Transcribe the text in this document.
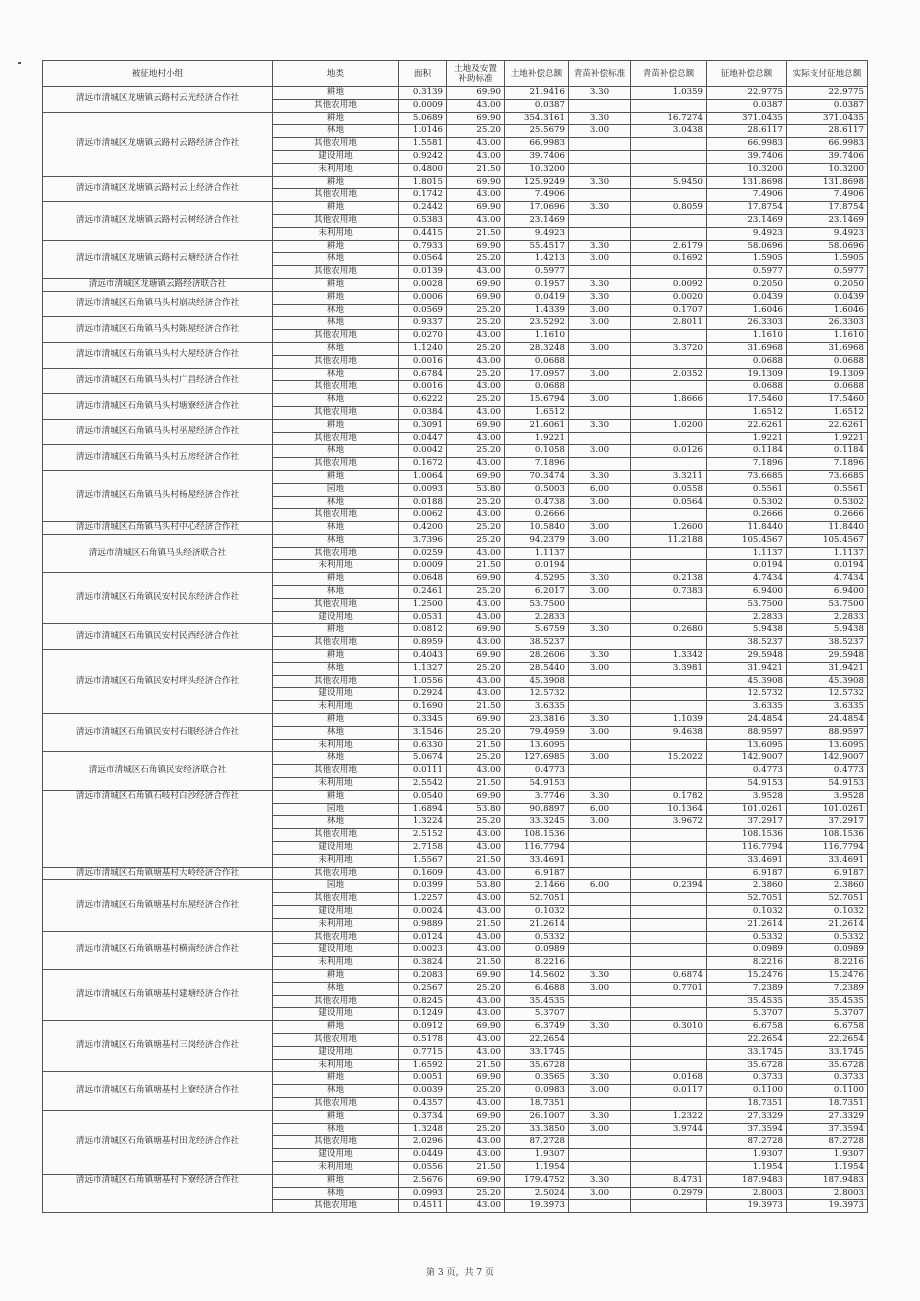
被征地村小组	地类	面积	土地及安置补助标准	土地补偿总额	青苗补偿标准	青苗补偿总额	征地补偿总额	实际支付征地总额
清远市清城区龙塘镇云路村云光经济合作社	耕地	0.3139	69.90	21.9416	3.30	1.0359	22.9775	22.9775
	其他农用地	0.0009	43.00	0.0387			0.0387	0.0387
清远市清城区龙塘镇云路村云路经济合作社	耕地	5.0689	69.90	354.3161	3.30	16.7274	371.0435	371.0435
	林地	1.0146	25.20	25.5679	3.00	3.0438	28.6117	28.6117
	其他农用地	1.5581	43.00	66.9983			66.9983	66.9983
	建设用地	0.9242	43.00	39.7406			39.7406	39.7406
	未利用地	0.4800	21.50	10.3200			10.3200	10.3200
清远市清城区龙塘镇云路村云上经济合作社	耕地	1.8015	69.90	125.9249	3.30	5.9450	131.8698	131.8698
	其他农用地	0.1742	43.00	7.4906			7.4906	7.4906
清远市清城区龙塘镇云路村云树经济合作社	耕地	0.2442	69.90	17.0696	3.30	0.8059	17.8754	17.8754
	其他农用地	0.5383	43.00	23.1469			23.1469	23.1469
	未利用地	0.4415	21.50	9.4923			9.4923	9.4923
清远市清城区龙塘镇云路村云塘经济合作社	耕地	0.7933	69.90	55.4517	3.30	2.6179	58.0696	58.0696
	林地	0.0564	25.20	1.4213	3.00	0.1692	1.5905	1.5905
	其他农用地	0.0139	43.00	0.5977			0.5977	0.5977
清远市清城区龙塘镇云路经济联合社	耕地	0.0028	69.90	0.1957	3.30	0.0092	0.2050	0.2050
清远市清城区石角镇马头村崩决经济合作社	耕地	0.0006	69.90	0.0419	3.30	0.0020	0.0439	0.0439
	林地	0.0569	25.20	1.4339	3.00	0.1707	1.6046	1.6046
清远市清城区石角镇马头村陈屋经济合作社	林地	0.9337	25.20	23.5292	3.00	2.8011	26.3303	26.3303
	其他农用地	0.0270	43.00	1.1610			1.1610	1.1610
清远市清城区石角镇马头村大屋经济合作社	林地	1.1240	25.20	28.3248	3.00	3.3720	31.6968	31.6968
	其他农用地	0.0016	43.00	0.0688			0.0688	0.0688
清远市清城区石角镇马头村广昌经济合作社	林地	0.6784	25.20	17.0957	3.00	2.0352	19.1309	19.1309
	其他农用地	0.0016	43.00	0.0688			0.0688	0.0688
清远市清城区石角镇马头村塘寮经济合作社	林地	0.6222	25.20	15.6794	3.00	1.8666	17.5460	17.5460
	其他农用地	0.0384	43.00	1.6512			1.6512	1.6512
清远市清城区石角镇马头村巫屋经济合作社	耕地	0.3091	69.90	21.6061	3.30	1.0200	22.6261	22.6261
	其他农用地	0.0447	43.00	1.9221			1.9221	1.9221
清远市清城区石角镇马头村五房经济合作社	林地	0.0042	25.20	0.1058	3.00	0.0126	0.1184	0.1184
	其他农用地	0.1672	43.00	7.1896			7.1896	7.1896
清远市清城区石角镇马头村杨屋经济合作社	耕地	1.0064	69.90	70.3474	3.30	3.3211	73.6685	73.6685
	园地	0.0093	53.80	0.5003	6.00	0.0558	0.5561	0.5561
	林地	0.0188	25.20	0.4738	3.00	0.0564	0.5302	0.5302
	其他农用地	0.0062	43.00	0.2666			0.2666	0.2666
清远市清城区石角镇马头村中心经济合作社	林地	0.4200	25.20	10.5840	3.00	1.2600	11.8440	11.8440
清远市清城区石角镇马头经济联合社	林地	3.7396	25.20	94.2379	3.00	11.2188	105.4567	105.4567
	其他农用地	0.0259	43.00	1.1137			1.1137	1.1137
	未利用地	0.0009	21.50	0.0194			0.0194	0.0194
清远市清城区石角镇民安村民东经济合作社	耕地	0.0648	69.90	4.5295	3.30	0.2138	4.7434	4.7434
	林地	0.2461	25.20	6.2017	3.00	0.7383	6.9400	6.9400
	其他农用地	1.2500	43.00	53.7500			53.7500	53.7500
	建设用地	0.0531	43.00	2.2833			2.2833	2.2833
清远市清城区石角镇民安村民西经济合作社	耕地	0.0812	69.90	5.6759	3.30	0.2680	5.9438	5.9438
	其他农用地	0.8959	43.00	38.5237			38.5237	38.5237
清远市清城区石角镇民安村坪头经济合作社	耕地	0.4043	69.90	28.2606	3.30	1.3342	29.5948	29.5948
	林地	1.1327	25.20	28.5440	3.00	3.3981	31.9421	31.9421
	其他农用地	1.0556	43.00	45.3908			45.3908	45.3908
	建设用地	0.2924	43.00	12.5732			12.5732	12.5732
	未利用地	0.1690	21.50	3.6335			3.6335	3.6335
清远市清城区石角镇民安村石眼经济合作社	耕地	0.3345	69.90	23.3816	3.30	1.1039	24.4854	24.4854
	林地	3.1546	25.20	79.4959	3.00	9.4638	88.9597	88.9597
	未利用地	0.6330	21.50	13.6095			13.6095	13.6095
清远市清城区石角镇民安经济联合社	林地	5.0674	25.20	127.6985	3.00	15.2022	142.9007	142.9007
	其他农用地	0.0111	43.00	0.4773			0.4773	0.4773
	未利用地	2.5542	21.50	54.9153			54.9153	54.9153
清远市清城区石角镇石岐村白沙经济合作社	耕地	0.0540	69.90	3.7746	3.30	0.1782	3.9528	3.9528
	园地	1.6894	53.80	90.8897	6.00	10.1364	101.0261	101.0261
	林地	1.3224	25.20	33.3245	3.00	3.9672	37.2917	37.2917
	其他农用地	2.5152	43.00	108.1536			108.1536	108.1536
	建设用地	2.7158	43.00	116.7794			116.7794	116.7794
	未利用地	1.5567	21.50	33.4691			33.4691	33.4691
清远市清城区石角镇塘基村大岭经济合作社	其他农用地	0.1609	43.00	6.9187			6.9187	6.9187
清远市清城区石角镇塘基村东屋经济合作社	园地	0.0399	53.80	2.1466	6.00	0.2394	2.3860	2.3860
	其他农用地	1.2257	43.00	52.7051			52.7051	52.7051
	建设用地	0.0024	43.00	0.1032			0.1032	0.1032
	未利用地	0.9889	21.50	21.2614			21.2614	21.2614
清远市清城区石角镇塘基村横南经济合作社	其他农用地	0.0124	43.00	0.5332			0.5332	0.5332
	建设用地	0.0023	43.00	0.0989			0.0989	0.0989
	未利用地	0.3824	21.50	8.2216			8.2216	8.2216
清远市清城区石角镇塘基村建塘经济合作社	耕地	0.2083	69.90	14.5602	3.30	0.6874	15.2476	15.2476
	林地	0.2567	25.20	6.4688	3.00	0.7701	7.2389	7.2389
	其他农用地	0.8245	43.00	35.4535			35.4535	35.4535
	建设用地	0.1249	43.00	5.3707			5.3707	5.3707
清远市清城区石角镇塘基村三岗经济合作社	耕地	0.0912	69.90	6.3749	3.30	0.3010	6.6758	6.6758
	其他农用地	0.5178	43.00	22.2654			22.2654	22.2654
	建设用地	0.7715	43.00	33.1745			33.1745	33.1745
	未利用地	1.6592	21.50	35.6728			35.6728	35.6728
清远市清城区石角镇塘基村上寮经济合作社	耕地	0.0051	69.90	0.3565	3.30	0.0168	0.3733	0.3733
	林地	0.0039	25.20	0.0983	3.00	0.0117	0.1100	0.1100
	其他农用地	0.4357	43.00	18.7351			18.7351	18.7351
清远市清城区石角镇塘基村田龙经济合作社	耕地	0.3734	69.90	26.1007	3.30	1.2322	27.3329	27.3329
	林地	1.3248	25.20	33.3850	3.00	3.9744	37.3594	37.3594
	其他农用地	2.0296	43.00	87.2728			87.2728	87.2728
	建设用地	0.0449	43.00	1.9307			1.9307	1.9307
	未利用地	0.0556	21.50	1.1954			1.1954	1.1954
清远市清城区石角镇塘基村下寮经济合作社	耕地	2.5676	69.90	179.4752	3.30	8.4731	187.9483	187.9483
	林地	0.0993	25.20	2.5024	3.00	0.2979	2.8003	2.8003
	其他农用地	0.4511	43.00	19.3973			19.3973	19.3973
第 3 页，共 7 页
